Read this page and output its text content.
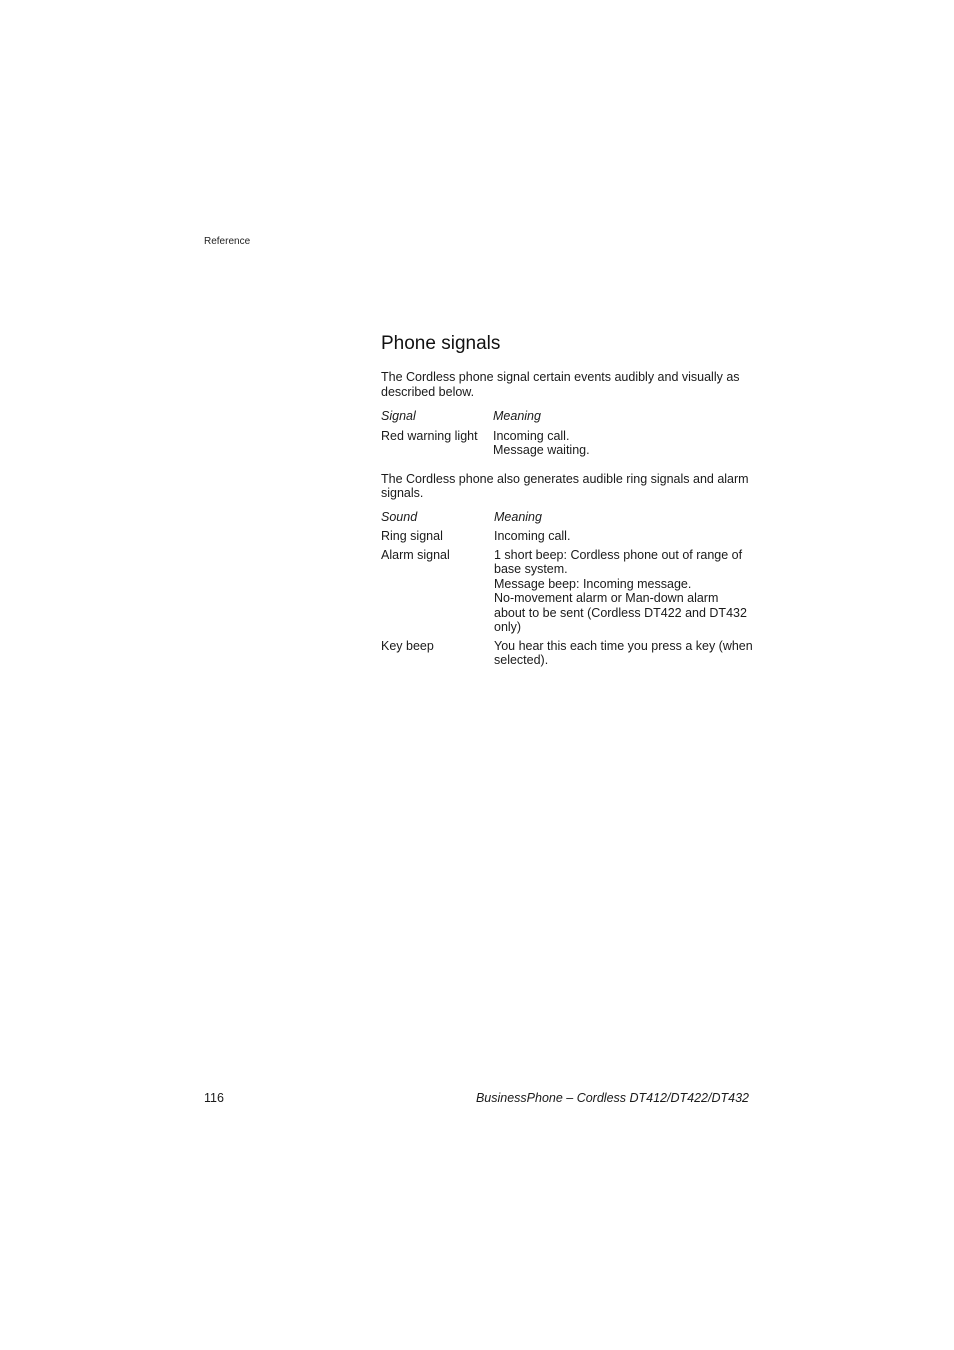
Reference
Phone signals

The Cordless phone signal certain events audibly and visually as described below.

Signal	Meaning
Red warning light	Incoming call.
Message waiting.

The Cordless phone also generates audible ring signals and alarm signals.

Sound	Meaning
Ring signal	Incoming call.

Alarm signal	1 short beep: Cordless phone out of range of base system.
Message beep: Incoming message.
No-movement alarm or Man-down alarm about to be sent (Cordless DT422 and DT432 only)

Key beep	You hear this each time you press a key (when selected).
116	BusinessPhone – Cordless DT412/DT422/DT432
